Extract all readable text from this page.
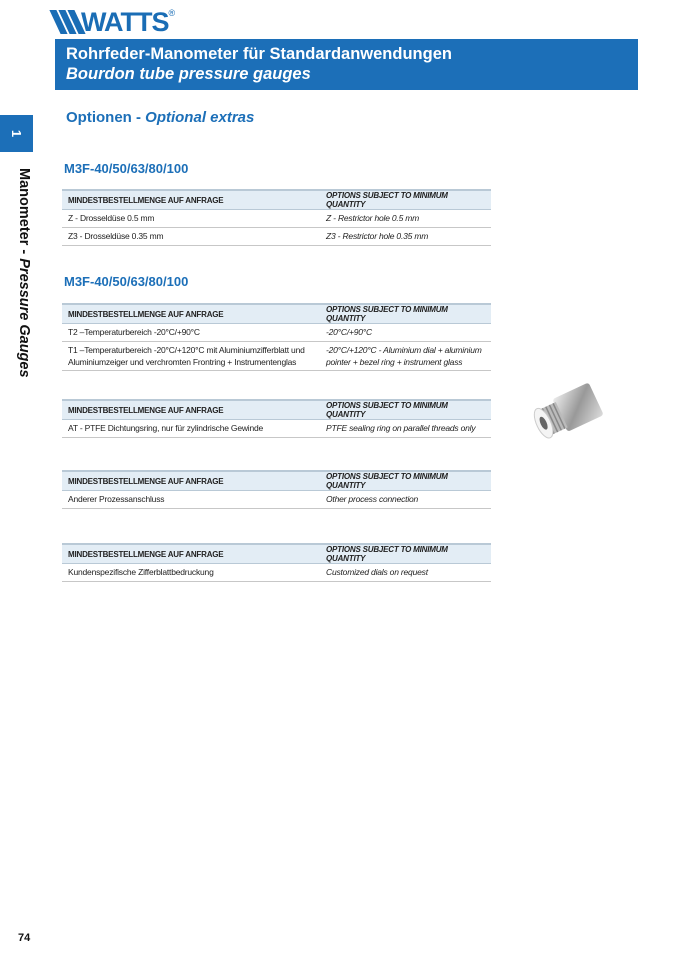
WATTS®
Rohrfeder-Manometer für Standardanwendungen
Bourdon tube pressure gauges
1
Manometer - Pressure Gauges
Optionen - Optional extras
M3F-40/50/63/80/100
MINDESTBESTELLMENGE AUF ANFRAGE	OPTIONS SUBJECT TO MINIMUM QUANTITY
Z - Drosseldüse 0.5 mm	Z - Restrictor hole 0.5 mm
Z3 - Drosseldüse 0.35 mm	Z3 - Restrictor hole 0.35 mm
M3F-40/50/63/80/100
MINDESTBESTELLMENGE AUF ANFRAGE	OPTIONS SUBJECT TO MINIMUM QUANTITY
T2 –Temperaturbereich -20°C/+90°C	-20°C/+90°C
T1 –Temperaturbereich -20°C/+120°C mit Aluminiumzifferblatt und Aluminiumzeiger und verchromten Frontring + Instrumentenglas	-20°C/+120°C - Aluminium dial + aluminium pointer + bezel ring + instrument glass
MINDESTBESTELLMENGE AUF ANFRAGE	OPTIONS SUBJECT TO MINIMUM QUANTITY
AT - PTFE Dichtungsring, nur für zylindrische Gewinde	PTFE sealing ring on parallel threads only
MINDESTBESTELLMENGE AUF ANFRAGE	OPTIONS SUBJECT TO MINIMUM QUANTITY
Anderer Prozessanschluss	Other process connection
MINDESTBESTELLMENGE AUF ANFRAGE	OPTIONS SUBJECT TO MINIMUM QUANTITY
Kundenspezifische Zifferblattbedruckung	Customized dials on request
74
